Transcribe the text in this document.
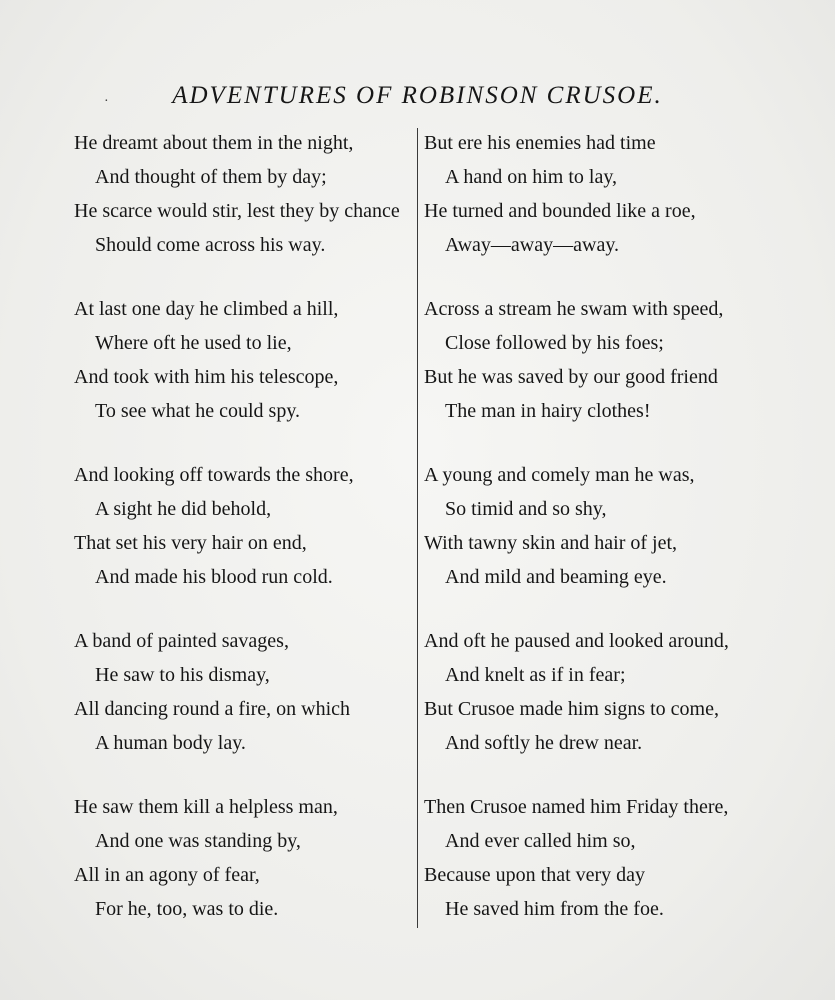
·	ADVENTURES OF ROBINSON CRUSOE.
He dreamt about them in the night,
And thought of them by day;
He scarce would stir, lest they by chance
Should come across his way.
At last one day he climbed a hill,
Where oft he used to lie,
And took with him his telescope,
To see what he could spy.
And looking off towards the shore,
A sight he did behold,
That set his very hair on end,
And made his blood run cold.
A band of painted savages,
He saw to his dismay,
All dancing round a fire, on which
A human body lay.
He saw them kill a helpless man,
And one was standing by,
All in an agony of fear,
For he, too, was to die.
But ere his enemies had time
A hand on him to lay,
He turned and bounded like a roe,
Away—away—away.
Across a stream he swam with speed,
Close followed by his foes;
But he was saved by our good friend
The man in hairy clothes!
A young and comely man he was,
So timid and so shy,
With tawny skin and hair of jet,
And mild and beaming eye.
And oft he paused and looked around,
And knelt as if in fear;
But Crusoe made him signs to come,
And softly he drew near.
Then Crusoe named him Friday there,
And ever called him so,
Because upon that very day
He saved him from the foe.
